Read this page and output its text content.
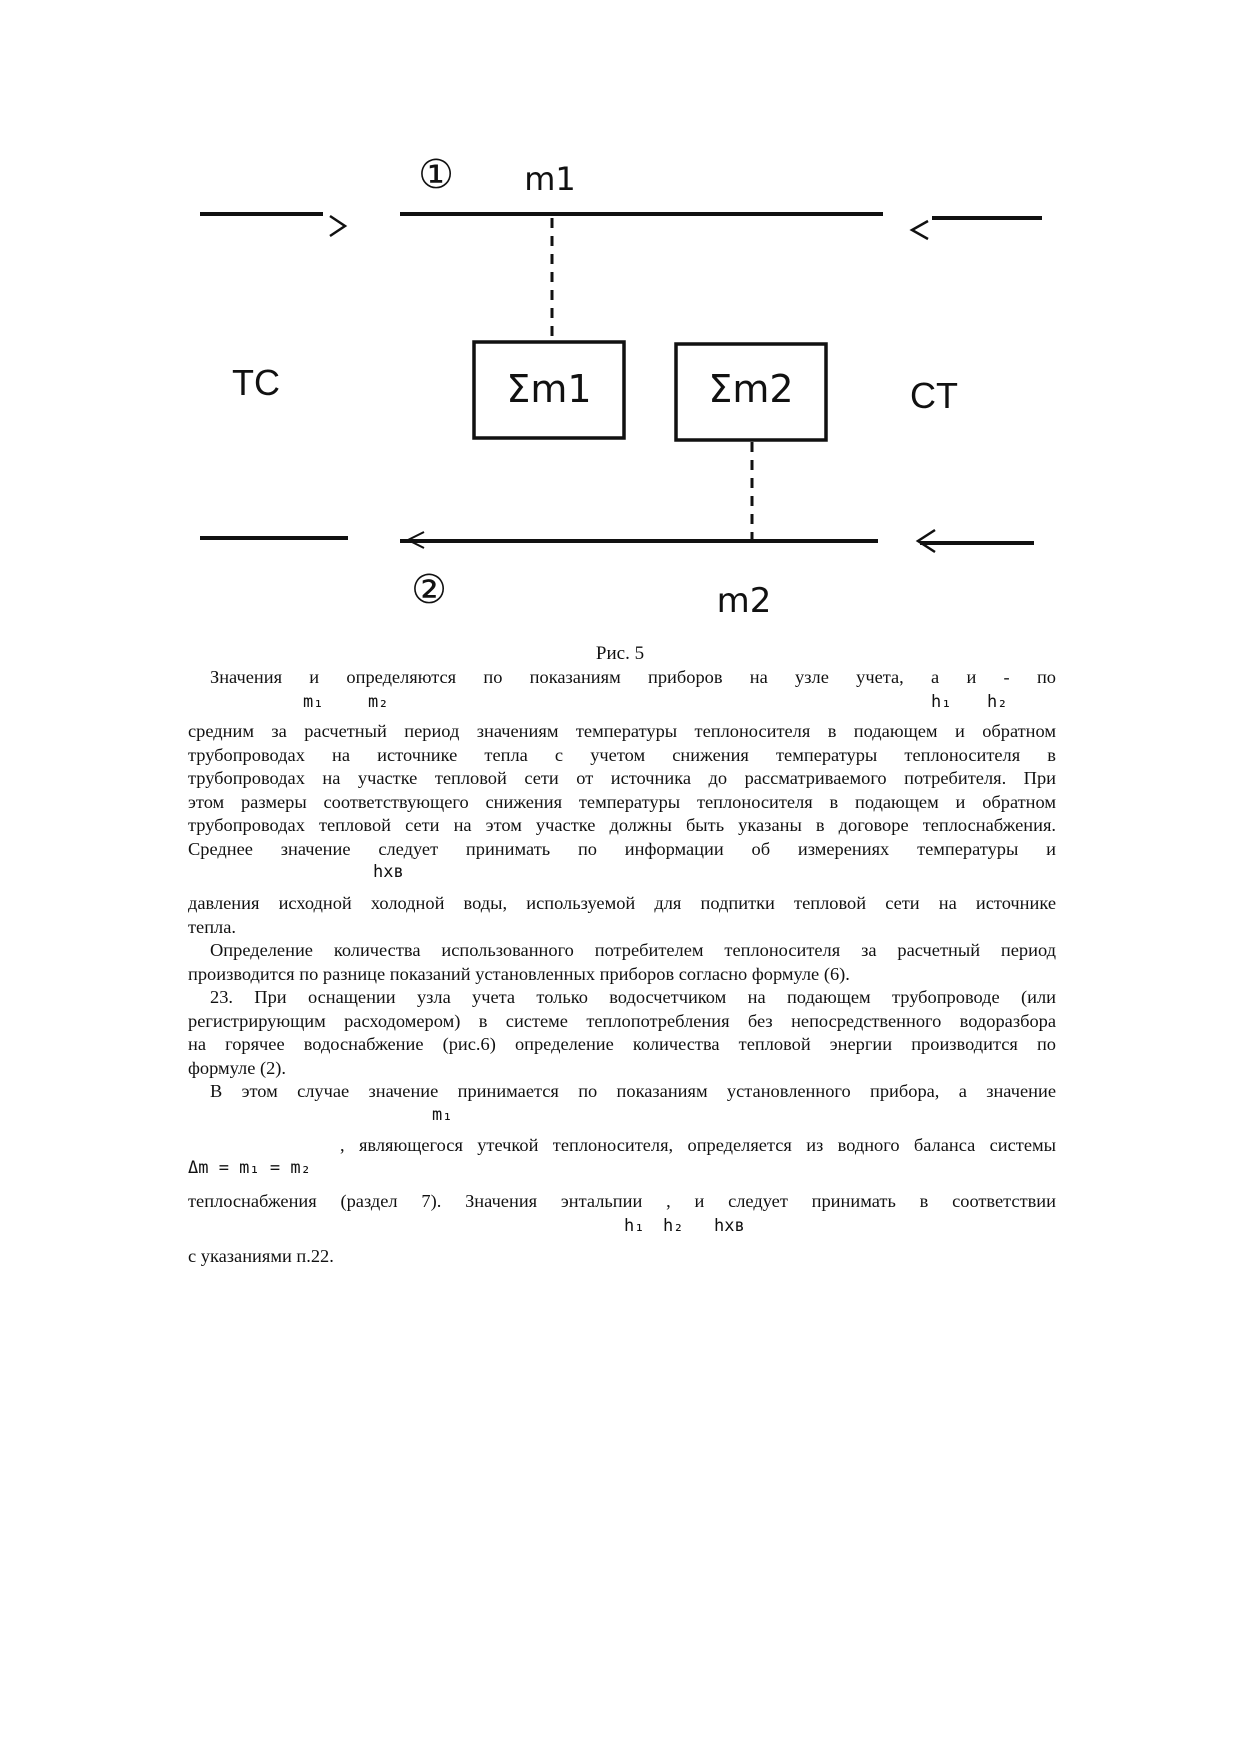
① m1
Σm1	Σm2
TC	CT
②	m2
Рис. 5
Значения и определяются по показаниям приборов на узле учета, а и - по
m₁	m₂	h₁ h₂
средним за расчетный период значениям температуры теплоносителя в подающем и обратном
трубопроводах на источнике тепла с учетом снижения температуры теплоносителя в
трубопроводах на участке тепловой сети от источника до рассматриваемого потребителя. При
этом размеры соответствующего снижения температуры теплоносителя в подающем и обратном
трубопроводах тепловой сети на этом участке должны быть указаны в договоре теплоснабжения.
Среднее значение следует принимать по информации об измерениях температуры и
hхв
давления исходной холодной воды, используемой для подпитки тепловой сети на источнике
тепла.
Определение количества использованного потребителем теплоносителя за расчетный период
производится по разнице показаний установленных приборов согласно формуле (6).
23. При оснащении узла учета только водосчетчиком на подающем трубопроводе (или
регистрирующим расходомером) в системе теплопотребления без непосредственного водоразбора
на горячее водоснабжение (рис.6) определение количества тепловой энергии производится по
формуле (2).
В этом случае значение принимается по показаниям установленного прибора, а значение
m₁
, являющегося утечкой теплоносителя, определяется из водного баланса системы
Δm = m₁ = m₂
теплоснабжения (раздел 7). Значения энтальпии , и следует принимать в соответствии
h₁ h₂ hхв
с указаниями п.22.
